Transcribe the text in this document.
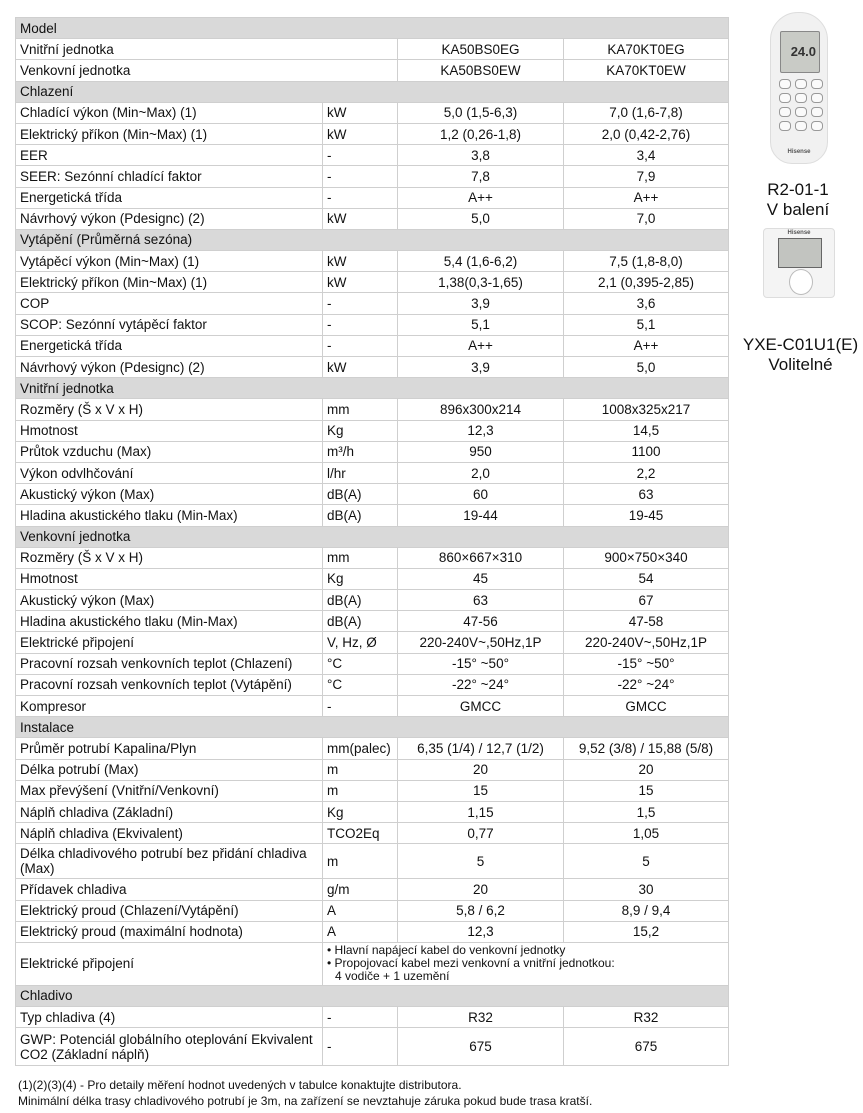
Model			
Vnitřní jednotka		KA50BS0EG	KA70KT0EG
Venkovní jednotka		KA50BS0EW	KA70KT0EW
Chlazení			
Chladící výkon (Min~Max) (1)	kW	5,0 (1,5-6,3)	7,0 (1,6-7,8)
Elektrický příkon (Min~Max) (1)	kW	1,2 (0,26-1,8)	2,0 (0,42-2,76)
EER	-	3,8	3,4
SEER: Sezónní chladící faktor	-	7,8	7,9
Energetická třída	-	A++	A++
Návrhový výkon (Pdesignc) (2)	kW	5,0	7,0
Vytápění (Průměrná sezóna)			
Vytápěcí výkon (Min~Max) (1)	kW	5,4 (1,6-6,2)	7,5 (1,8-8,0)
Elektrický příkon (Min~Max) (1)	kW	1,38(0,3-1,65)	2,1 (0,395-2,85)
COP	-	3,9	3,6
SCOP: Sezónní vytápěcí faktor	-	5,1	5,1
Energetická třída	-	A++	A++
Návrhový výkon (Pdesignc) (2)	kW	3,9	5,0
Vnitřní jednotka			
Rozměry (Š x V x H)	mm	896x300x214	1008x325x217
Hmotnost	Kg	12,3	14,5
Průtok vzduchu (Max)	m³/h	950	1100
Výkon odvlhčování	l/hr	2,0	2,2
Akustický výkon (Max)	dB(A)	60	63
Hladina akustického tlaku (Min-Max)	dB(A)	19-44	19-45
Venkovní jednotka			
Rozměry (Š x V x H)	mm	860×667×310	900×750×340
Hmotnost	Kg	45	54
Akustický výkon (Max)	dB(A)	63	67
Hladina akustického tlaku (Min-Max)	dB(A)	47-56	47-58
Elektrické připojení	V, Hz, Ø	220-240V~,50Hz,1P	220-240V~,50Hz,1P
Pracovní rozsah venkovních teplot (Chlazení)	°C	-15° ~50°	-15° ~50°
Pracovní rozsah venkovních teplot (Vytápění)	°C	-22° ~24°	-22° ~24°
Kompresor	-	GMCC	GMCC
Instalace			
Průměr potrubí Kapalina/Plyn	mm(palec)	6,35 (1/4) / 12,7 (1/2)	9,52 (3/8) / 15,88 (5/8)
Délka potrubí (Max)	m	20	20
Max převýšení (Vnitřní/Venkovní)	m	15	15
Náplň chladiva (Základní)	Kg	1,15	1,5
Náplň chladiva (Ekvivalent)	TCO2Eq	0,77	1,05
Délka chladivového potrubí bez přidání chladiva (Max)	m	5	5
Přídavek chladiva	g/m	20	30
Elektrický proud (Chlazení/Vytápění)	A	5,8 / 6,2	8,9 / 9,4
Elektrický proud (maximální hodnota)	A	12,3	15,2
Elektrické připojení	• Hlavní napájecí kabel do venkovní jednotky
• Propojovací kabel mezi venkovní a vnitřní jednotkou:
4 vodiče + 1 uzemění		

Chladivo			
Typ chladiva (4)	-	R32	R32
GWP: Potenciál globálního oteplování Ekvivalent CO2 (Základní náplň)	-	675	675
(1)(2)(3)(4) - Pro detaily měření hodnot uvedených v tabulce konaktujte distributora.
Minimální délka trasy chladivového potrubí je 3m, na zařízení se nevztahuje záruka pokud bude trasa kratší.
24.0
Hisense
R2-01-1
V balení
Hisense
YXE-C01U1(E)
Volitelné
